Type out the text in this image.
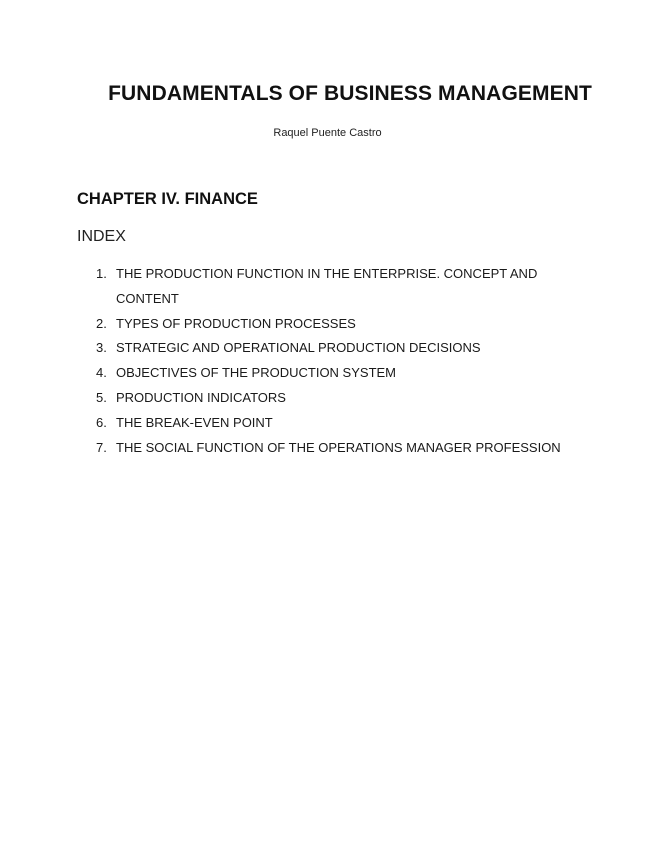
FUNDAMENTALS OF BUSINESS MANAGEMENT
Raquel Puente Castro
CHAPTER IV. FINANCE
INDEX
1. THE PRODUCTION FUNCTION IN THE ENTERPRISE. CONCEPT AND CONTENT
2. TYPES OF PRODUCTION PROCESSES
3. STRATEGIC AND OPERATIONAL PRODUCTION DECISIONS
4. OBJECTIVES OF THE PRODUCTION SYSTEM
5. PRODUCTION INDICATORS
6. THE BREAK-EVEN POINT
7. THE SOCIAL FUNCTION OF THE OPERATIONS MANAGER PROFESSION
